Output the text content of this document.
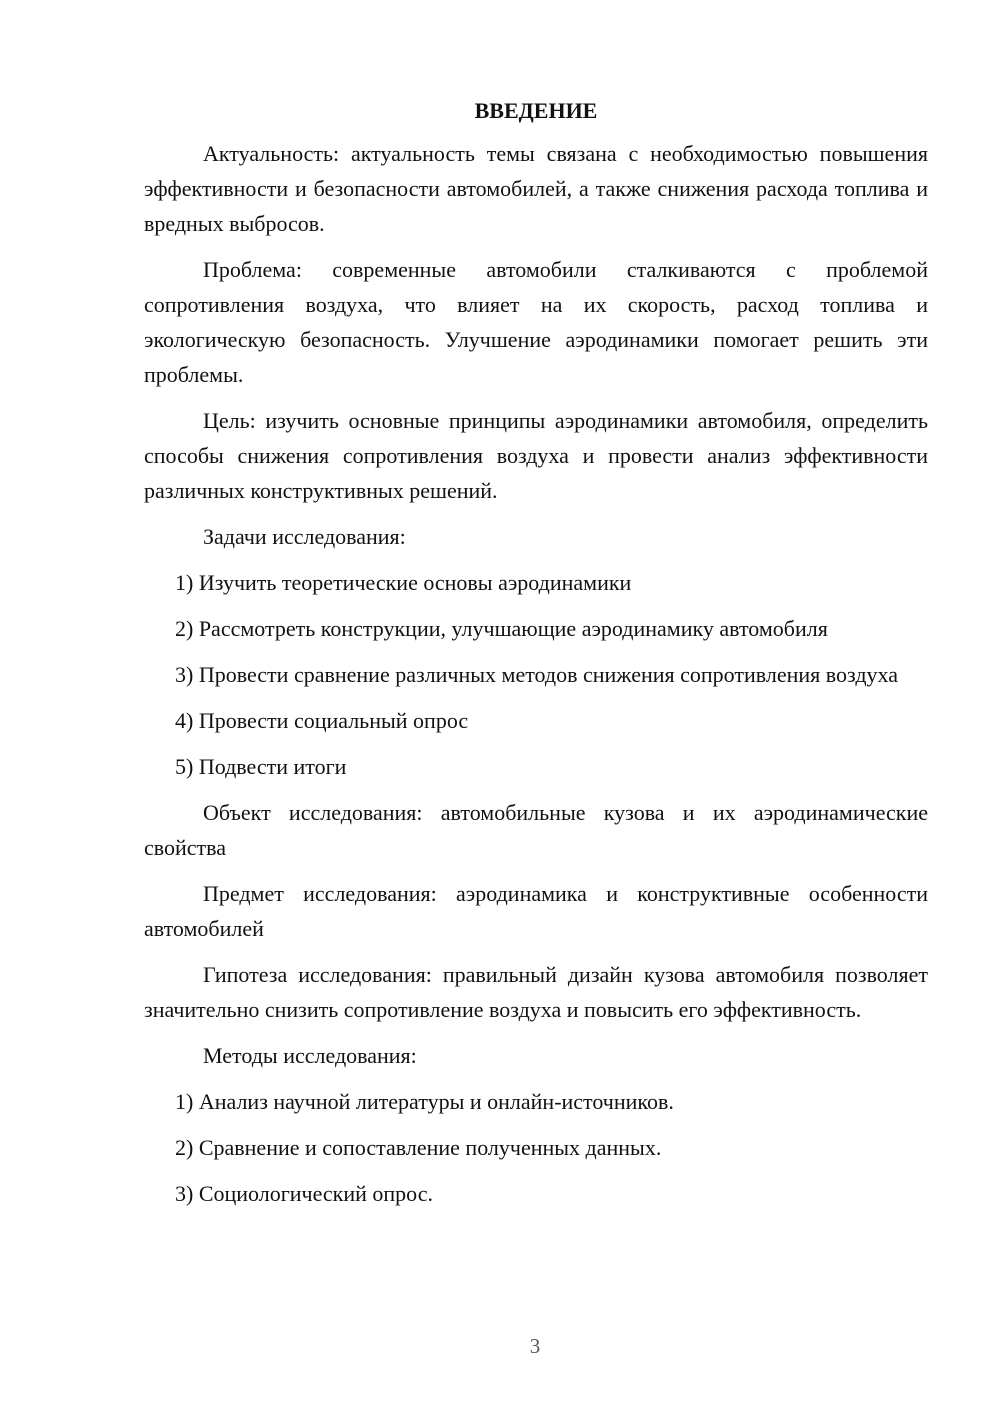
ВВЕДЕНИЕ

Актуальность: актуальность темы связана с необходимостью повышения эффективности и безопасности автомобилей, а также снижения расхода топлива и вредных выбросов.

Проблема: современные автомобили сталкиваются с проблемой сопротивления воздуха, что влияет на их скорость, расход топлива и экологическую безопасность. Улучшение аэродинамики помогает решить эти проблемы.

Цель: изучить основные принципы аэродинамики автомобиля, определить способы снижения сопротивления воздуха и провести анализ эффективности различных конструктивных решений.

Задачи исследования:

1) Изучить теоретические основы аэродинамики

2) Рассмотреть конструкции, улучшающие аэродинамику автомобиля

3) Провести сравнение различных методов снижения сопротивления воздуха

4) Провести социальный опрос

5) Подвести итоги

Объект исследования: автомобильные кузова и их аэродинамические свойства

Предмет исследования: аэродинамика и конструктивные особенности автомобилей

Гипотеза исследования: правильный дизайн кузова автомобиля позволяет значительно снизить сопротивление воздуха и повысить его эффективность.

Методы исследования:

1) Анализ научной литературы и онлайн-источников.

2) Сравнение и сопоставление полученных данных.

3) Социологический опрос.

3
